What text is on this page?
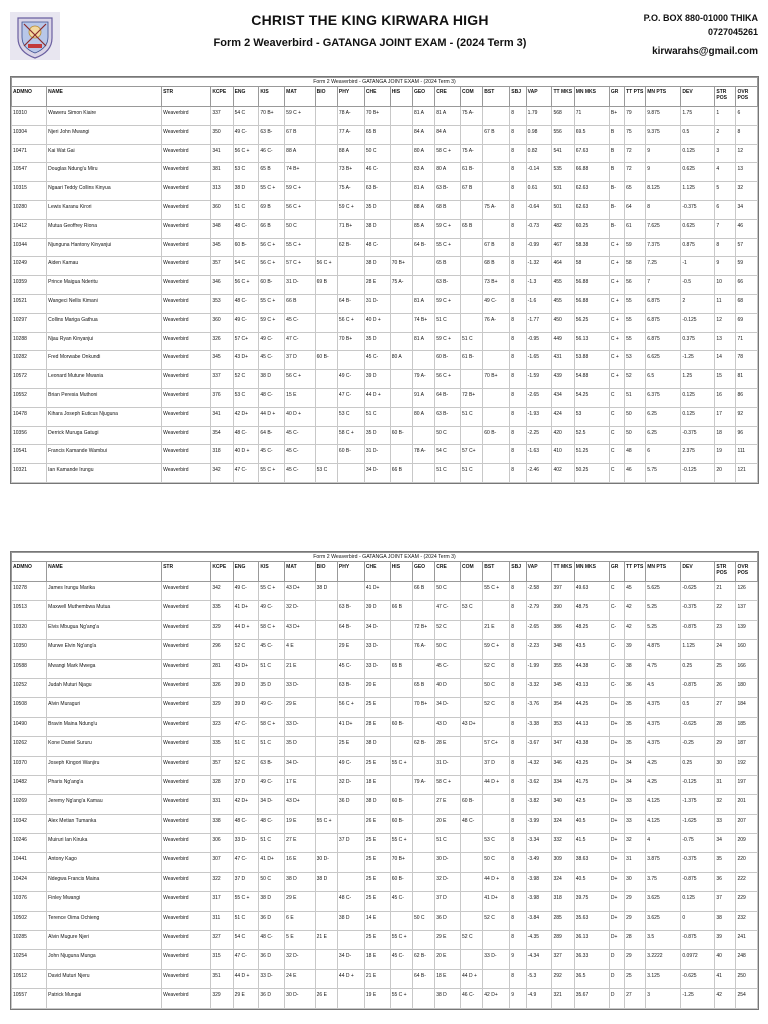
CHRIST THE KING KIRWARA HIGH
Form 2 Weaverbird - GATANGA JOINT EXAM - (2024 Term 3)
P.O. BOX 880-01000 THIKA
0727045261
kirwarahs@gmail.com
Form 2 Weaverbird - GATANGA JOINT EXAM - (2024 Term 3)																								
ADMNO	NAME	STR	KCPE	ENG	KIS	MAT	BIO	PHY	CHE	HIS	GEO	CRE	COM	BST	SBJ	VAP	TT MKS	MN MKS	GR	TT PTS	MN PTS	DEV	STR POS	OVR POS
10310	Waweru Simon Kiaire	Weaverbird	337	54 C	70 B+	59 C +		78 A-	70 B+		81 A	81 A	75 A-		8	1.79	568	71	B+	79	9.875	1.75	1	6
10304	Njeri John Mwangi	Weaverbird	350	49 C-	63 B-	67 B		77 A-	65 B		84 A	84 A		67 B	8	0.98	556	69.5	B	75	9.375	0.5	2	8
10471	Kai Wat Gai	Weaverbird	341	56 C +	46 C-	88 A		88 A	50 C		80 A	58 C +	75 A-		8	0.82	541	67.63	B	72	9	0.125	3	12
10547	Douglas Ndung'u Miru	Weaverbird	381	53 C	65 B	74 B+		73 B+	46 C-		83 A	80 A	61 B-		8	-0.14	535	66.88	B	72	9	0.625	4	13
10315	Ngaari Teddy Collins Kinyua	Weaverbird	313	38 D	55 C +	59 C +		75 A-	63 B-		81 A	63 B-	67 B		8	0.61	501	62.63	B-	65	8.125	1.125	5	32
10280	Lewis Karanu Kirori	Weaverbird	360	51 C	69 B	56 C +		59 C +	35 D		88 A	68 B		75 A-	8	-0.64	501	62.63	B-	64	8	-0.375	6	34
10412	Mutua Geoffrey Riona	Weaverbird	348	48 C-	66 B	50 C		71 B+	38 D		85 A	59 C +	65 B		8	-0.73	482	60.25	B-	61	7.625	0.625	7	46
10344	Njunguna Hantony Kinyanjui	Weaverbird	345	60 B-	56 C +	55 C +		62 B-	48 C-		64 B-	55 C +		67 B	8	-0.99	467	58.38	C +	59	7.375	0.875	8	57
10249	Aiden Kamau	Weaverbird	357	54 C	56 C +	57 C +	56 C +		38 D	70 B+		65 B		68 B	8	-1.32	464	58	C +	58	7.25	-1	9	59
10359	Prince Maigua Nderitu	Weaverbird	346	56 C +	60 B-	31 D-	69 B		28 E	75 A-		63 B-		73 B+	8	-1.3	455	56.88	C +	56	7	-0.5	10	66
10521	Wangeci Nellis Kimani	Weaverbird	353	48 C-	55 C +	66 B		64 B-	31 D-		81 A	59 C +		49 C-	8	-1.6	455	56.88	C +	55	6.875	2	11	68
10297	Collins Mariga Gathua	Weaverbird	360	49 C-	59 C +	45 C-		56 C +	40 D +		74 B+	51 C		76 A-	8	-1.77	450	56.25	C +	55	6.875	-0.125	12	69
10288	Njau Ryan Kinyanjui	Weaverbird	326	57 C+	49 C-	47 C-		70 B+	35 D		81 A	59 C +	51 C		8	-0.95	449	56.13	C +	55	6.875	0.375	13	71
10282	Fred Morwabe Onkundi	Weaverbird	345	43 D+	45 C-	37 D	60 B-		45 C-	80 A		60 B-	61 B-		8	-1.65	431	53.88	C +	53	6.625	-1.25	14	78
10572	Leonard Mutune Mwania	Weaverbird	337	52 C	38 D	56 C +		49 C-	39 D		79 A-	56 C +		70 B+	8	-1.59	439	54.88	C +	52	6.5	1.25	15	81
10552	Brian Peresia Muthoni	Weaverbird	376	53 C	48 C-	15 E		47 C-	44 D +		91 A	64 B-	72 B+		8	-2.65	434	54.25	C	51	6.375	0.125	16	86
10478	Kihara Joseph Euticus Njuguna	Weaverbird	341	42 D+	44 D +	40 D +		53 C	51 C		80 A	63 B-	51 C		8	-1.93	424	53	C	50	6.25	0.125	17	92
10356	Derrick Muruga Gatugi	Weaverbird	354	48 C-	64 B-	45 C-		58 C +	35 D	60 B-		50 C		60 B-	8	-2.25	420	52.5	C	50	6.25	-0.375	18	96
10541	Francis Kamande Wambui	Weaverbird	318	40 D +	45 C-	45 C-		60 B-	31 D-		78 A-	54 C	57 C+		8	-1.63	410	51.25	C	48	6	2.375	19	111
10321	Ian Kamande Irungu	Weaverbird	342	47 C-	55 C +	45 C-	53 C		34 D-	66 B		51 C	51 C		8	-2.46	402	50.25	C	46	5.75	-0.125	20	121
Form 2 Weaverbird - GATANGA JOINT EXAM - (2024 Term 3)																								
ADMNO	NAME	STR	KCPE	ENG	KIS	MAT	BIO	PHY	CHE	HIS	GEO	CRE	COM	BST	SBJ	VAP	TT MKS	MN MKS	GR	TT PTS	MN PTS	DEV	STR POS	OVR POS
10278	James Irungu Marika	Weaverbird	342	49 C-	55 C +	43 D+	38 D		41 D+		66 B	50 C		55 C +	8	-2.58	397	49.63	C	45	5.625	-0.625	21	126
10513	Maxwell Muthembwa Mutua	Weaverbird	335	41 D+	49 C-	32 D-		63 B-	39 D	66 B		47 C-	53 C		8	-2.79	390	48.75	C-	42	5.25	-0.375	22	137
10320	Elvis Mbugua Ng'ang'a	Weaverbird	329	44 D +	58 C +	43 D+		64 B-	34 D-		72 B+	52 C		21 E	8	-2.65	386	48.25	C-	42	5.25	-0.875	23	139
10350	Murwe Elvin Ng'ang'a	Weaverbird	296	52 C	45 C-	4 E		29 E	33 D-		76 A-	50 C		59 C +	8	-2.23	348	43.5	C-	39	4.875	1.125	24	160
10588	Mwangi Mark Mwega	Weaverbird	281	43 D+	51 C	21 E		45 C-	33 D-	65 B		45 C-		52 C	8	-1.99	355	44.38	C-	38	4.75	0.25	25	166
10252	Judah Muturi Njagu	Weaverbird	326	39 D	35 D	33 D-		63 B-	20 E		65 B	40 D		50 C	8	-3.32	345	43.13	C-	36	4.5	-0.875	26	180
10508	Alvin Muraguri	Weaverbird	329	39 D	49 C-	29 E		56 C +	25 E		70 B+	34 D-		52 C	8	-3.76	354	44.25	D+	35	4.375	0.5	27	184
10490	Bravin Maina Ndung'u	Weaverbird	323	47 C-	58 C +	33 D-		41 D+	28 E	60 B-		43 D	43 D+		8	-3.38	353	44.13	D+	35	4.375	-0.625	28	185
10262	Kone Daniel Sururu	Weaverbird	335	51 C	51 C	35 D		25 E	38 D		62 B-	28 E		57 C+	8	-3.67	347	43.38	D+	35	4.375	-0.25	29	187
10370	Joseph Kingori Wanjiru	Weaverbird	357	52 C	63 B-	34 D-		49 C-	25 E	55 C +		31 D-		37 D	8	-4.32	346	43.25	D+	34	4.25	0.25	30	192
10482	Pharis Ng'ang'a	Weaverbird	328	37 D	49 C-	17 E		32 D-	18 E		79 A-	58 C +		44 D +	8	-3.62	334	41.75	D+	34	4.25	-0.125	31	197
10269	Jeremy Ng'ang'a Kamau	Weaverbird	331	42 D+	34 D-	43 D+		36 D	38 D	60 B-		27 E	60 B-		8	-3.82	340	42.5	D+	33	4.125	-1.375	32	201
10342	Alex Metian Tumanka	Weaverbird	338	48 C-	48 C-	19 E	55 C +		26 E	60 B-		20 E	48 C-		8	-3.99	324	40.5	D+	33	4.125	-1.625	33	207
10246	Muiruri Ian Kiruka	Weaverbird	306	33 D-	51 C	27 E		37 D	25 E	55 C +		51 C		53 C	8	-3.34	332	41.5	D+	32	4	-0.75	34	209
10441	Antony Kago	Weaverbird	307	47 C-	41 D+	16 E	30 D-		25 E	70 B+		30 D-		50 C	8	-3.49	309	38.63	D+	31	3.875	-0.375	35	220
10424	Ndegwa Francis Maina	Weaverbird	322	37 D	50 C	38 D	38 D		25 E	60 B-		32 D-		44 D +	8	-3.98	324	40.5	D+	30	3.75	-0.875	36	222
10376	Finley Mwangi	Weaverbird	317	55 C +	38 D	29 E		48 C-	25 E	45 C-		37 D		41 D+	8	-3.98	318	39.75	D+	29	3.625	0.125	37	229
10502	Terence Oima Ochieng	Weaverbird	311	51 C	36 D	6 E		38 D	14 E		50 C	36 D		52 C	8	-3.84	285	35.63	D+	29	3.625	0	38	232
10285	Alvin Mugure Njeri	Weaverbird	327	54 C	48 C-	5 E	21 E		25 E	55 C +		29 E	52 C		8	-4.35	289	36.13	D+	28	3.5	-0.875	39	241
10254	John Njuguna Munga	Weaverbird	315	47 C-	36 D	32 D-		34 D-	18 E	45 C-	62 B-	20 E		33 D-	9	-4.34	327	36.33	D	29	3.2222	0.0972	40	248
10512	David Muturi Njeru	Weaverbird	351	44 D +	33 D-	24 E		44 D +	21 E		64 B-	18 E	44 D +		8	-5.3	292	36.5	D	25	3.125	-0.625	41	250
10557	Patrick Mungai	Weaverbird	329	29 E	36 D	30 D-	26 E		19 E	55 C +		38 D	46 C-	42 D+	9	-4.9	321	35.67	D	27	3	-1.25	42	254
